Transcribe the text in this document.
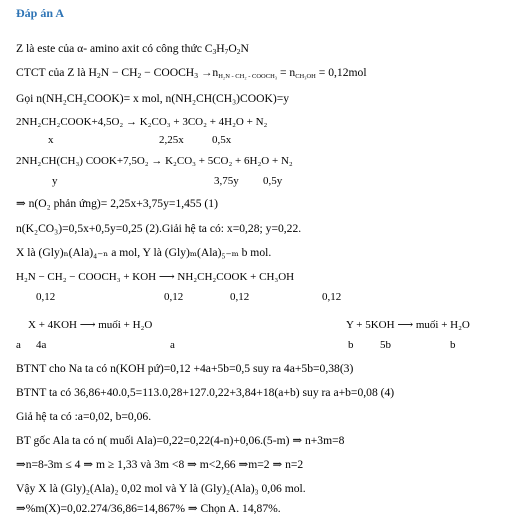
Đáp án A
Z là este của α- amino axit có công thức $C_3H_7O_2N$
CTCT của Z là $H_2N - CH_2$ − $COOCH_3 \to n_{H_2N - CH_2 - COOCH_3} = n_{CH_3OH} = 0,12mol$
Gọi n(NH₂CH₂COOK)= x mol, n(NH₂CH(CH₃)COOK)=y
2NH₂CH₂COOK+4,5O₂ → K₂CO₃ + 3CO₂ + 4H₂O + N₂
x	2,25x	0,5x
2NH₂CH(CH₃) COOK+7,5O₂ → K₂CO₃ + 5CO₂ + 6H₂O + N₂
y	3,75y 0,5y
⇒ n(O₂ phản ứng)= 2,25x+3,75y=1,455 (1)
n(K₂CO₃)=0,5x+0,5y=0,25 (2).Giải hệ ta có: x=0,28; y=0,22.
X là (Gly)ₙ(Ala)₄₋ₙ a mol, Y là (Gly)ₘ(Ala)₅₋ₘ b mol.
H₂N − CH₂ − COOCH₃ + KOH ⟶ NH₂CH₂COOK + CH₃OH
0,12	0,12	0,12	0,12
X + 4KOH ⟶ muối + H₂O	Y + 5KOH ⟶ muối + H₂O
a 4a	a	b 5b	b
BTNT cho Na ta có n(KOH pứ)=0,12 +4a+5b=0,5 suy ra 4a+5b=0,38(3)
BTNT ta có 36,86+40.0,5=113.0,28+127.0,22+3,84+18(a+b) suy ra a+b=0,08 (4)
Giả hệ ta có :a=0,02, b=0,06.
BT gốc Ala ta có n( muối Ala)=0,22=0,22(4-n)+0,06.(5-m) ⇒ n+3m=8
⇒n=8-3m ≤ 4 ⇒ m ≥ 1,33 và 3m <8 ⇒ m<2,66 ⇒m=2 ⇒ n=2
Vậy X là (Gly)₂(Ala)₂ 0,02 mol và Y là (Gly)₂(Ala)₃ 0,06 mol.
⇒%m(X)=0,02.274/36,86=14,867% ⇒ Chọn A. 14,87%.
